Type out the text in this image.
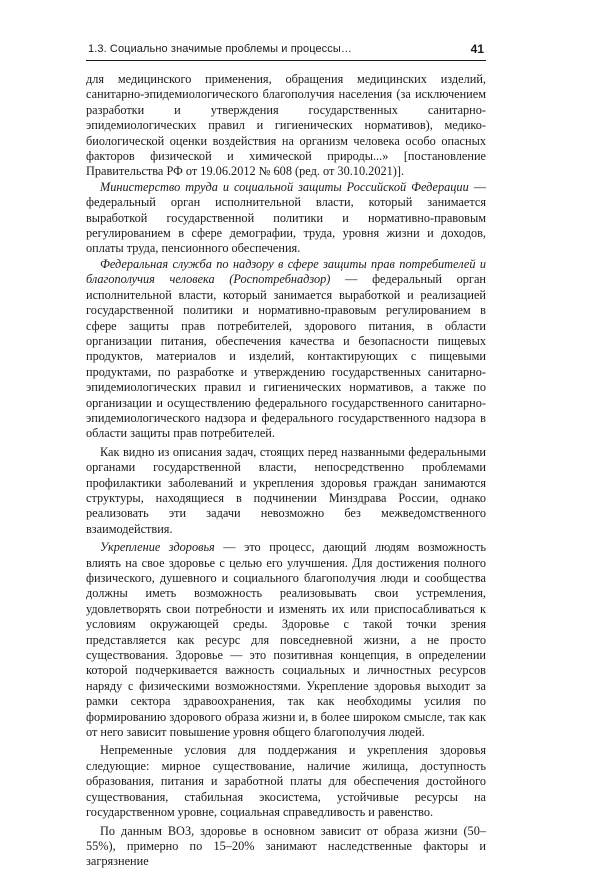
1.3. Социально значимые проблемы и процессы…	41

для медицинского применения, обращения медицинских изделий, санитарно-эпидемиологического благополучия населения (за исключением разработки и утверждения государственных санитарно-эпидемиологических правил и гигиенических нормативов), медико-биологической оценки воздействия на организм человека особо опасных факторов физической и химической природы...» [постановление Правительства РФ от 19.06.2012 № 608 (ред. от 30.10.2021)].

Министерство труда и социальной защиты Российской Федерации — федеральный орган исполнительной власти, который занимается выработкой государственной политики и нормативно-правовым регулированием в сфере демографии, труда, уровня жизни и доходов, оплаты труда, пенсионного обеспечения.

Федеральная служба по надзору в сфере защиты прав потребителей и благополучия человека (Роспотребнадзор) — федеральный орган исполнительной власти, который занимается выработкой и реализацией государственной политики и нормативно-правовым регулированием в сфере защиты прав потребителей, здорового питания, в области организации питания, обеспечения качества и безопасности пищевых продуктов, материалов и изделий, контактирующих с пищевыми продуктами, по разработке и утверждению государственных санитарно-эпидемиологических правил и гигиенических нормативов, а также по организации и осуществлению федерального государственного санитарно-эпидемиологического надзора и федерального государственного надзора в области защиты прав потребителей.

Как видно из описания задач, стоящих перед названными федеральными органами государственной власти, непосредственно проблемами профилактики заболеваний и укрепления здоровья граждан занимаются структуры, находящиеся в подчинении Минздрава России, однако реализовать эти задачи невозможно без межведомственного взаимодействия.

Укрепление здоровья — это процесс, дающий людям возможность влиять на свое здоровье с целью его улучшения. Для достижения полного физического, душевного и социального благополучия люди и сообщества должны иметь возможность реализовывать свои устремления, удовлетворять свои потребности и изменять их или приспосабливаться к условиям окружающей среды. Здоровье с такой точки зрения представляется как ресурс для повседневной жизни, а не просто существования. Здоровье — это позитивная концепция, в определении которой подчеркивается важность социальных и личностных ресурсов наряду с физическими возможностями. Укрепление здоровья выходит за рамки сектора здравоохранения, так как необходимы усилия по формированию здорового образа жизни и, в более широком смысле, так как от него зависит повышение уровня общего благополучия людей.

Непременные условия для поддержания и укрепления здоровья следующие: мирное существование, наличие жилища, доступность образования, питания и заработной платы для обеспечения достойного существования, стабильная экосистема, устойчивые ресурсы на государственном уровне, социальная справедливость и равенство.

По данным ВОЗ, здоровье в основном зависит от образа жизни (50–55%), примерно по 15–20% занимают наследственные факторы и загрязнение
